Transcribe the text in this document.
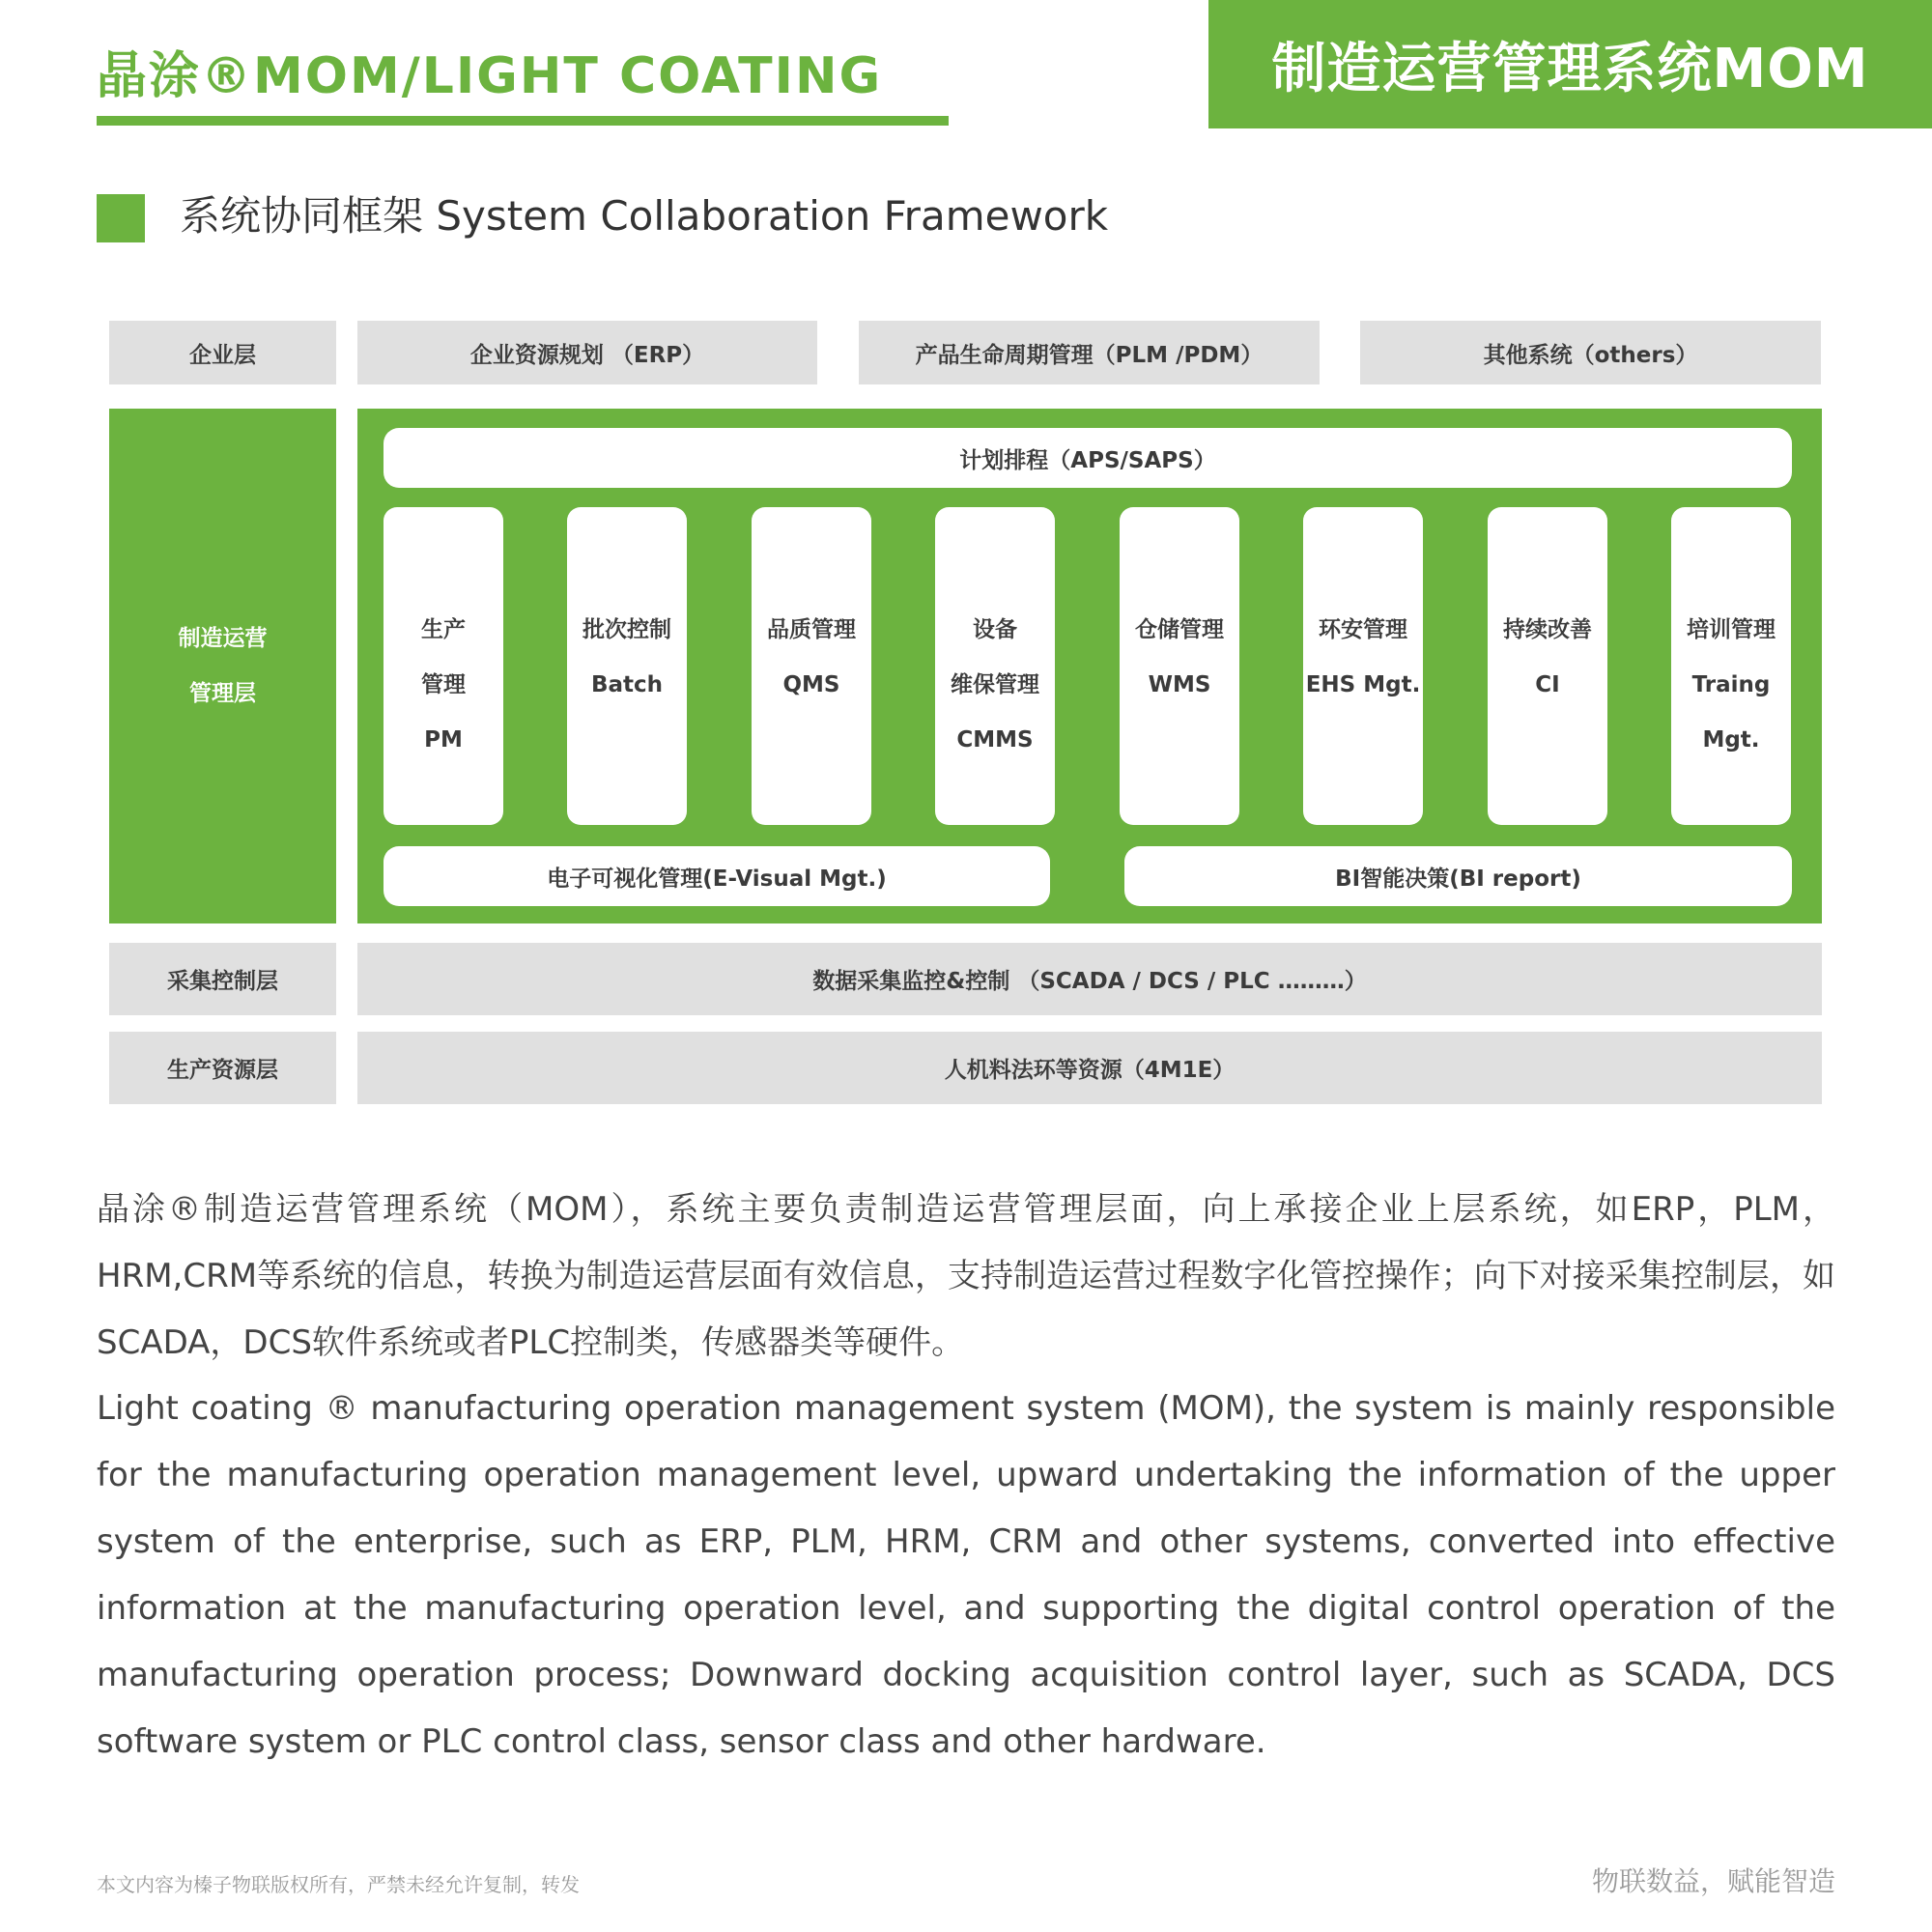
晶涂®MOM/LIGHT COATING	制造运营管理系统MOM
系统协同框架 System Collaboration Framework
企业层	企业资源规划 （ERP）	产品生命周期管理（PLM /PDM）	其他系统（others）
制造运营
管理层
计划排程（APS/SAPS）
生产
管理
PM
批次控制
Batch
品质管理
QMS
设备
维保管理
CMMS
仓储管理
WMS
环安管理
EHS Mgt.
持续改善
CI
培训管理
Traing
Mgt.
电子可视化管理(E-Visual Mgt.)	BI智能决策(BI report)
采集控制层	数据采集监控&控制 （SCADA / DCS / PLC ………）
生产资源层	人机料法环等资源（4M1E）
晶涂®制造运营管理系统（MOM），系统主要负责制造运营管理层面，向上承接企业上层系统，如ERP，PLM，HRM,CRM等系统的信息，转换为制造运营层面有效信息，支持制造运营过程数字化管控操作；向下对接采集控制层，如SCADA，DCS软件系统或者PLC控制类，传感器类等硬件。
Light coating ® manufacturing operation management system (MOM), the system is mainly responsible for the manufacturing operation management level, upward undertaking the information of the upper system of the enterprise, such as ERP, PLM, HRM, CRM and other systems, converted into effective information at the manufacturing operation level, and supporting the digital control operation of the manufacturing operation process; Downward docking acquisition control layer, such as SCADA, DCS software system or PLC control class, sensor class and other hardware.
本文内容为榛子物联版权所有，严禁未经允许复制，转发	物联数益，赋能智造
